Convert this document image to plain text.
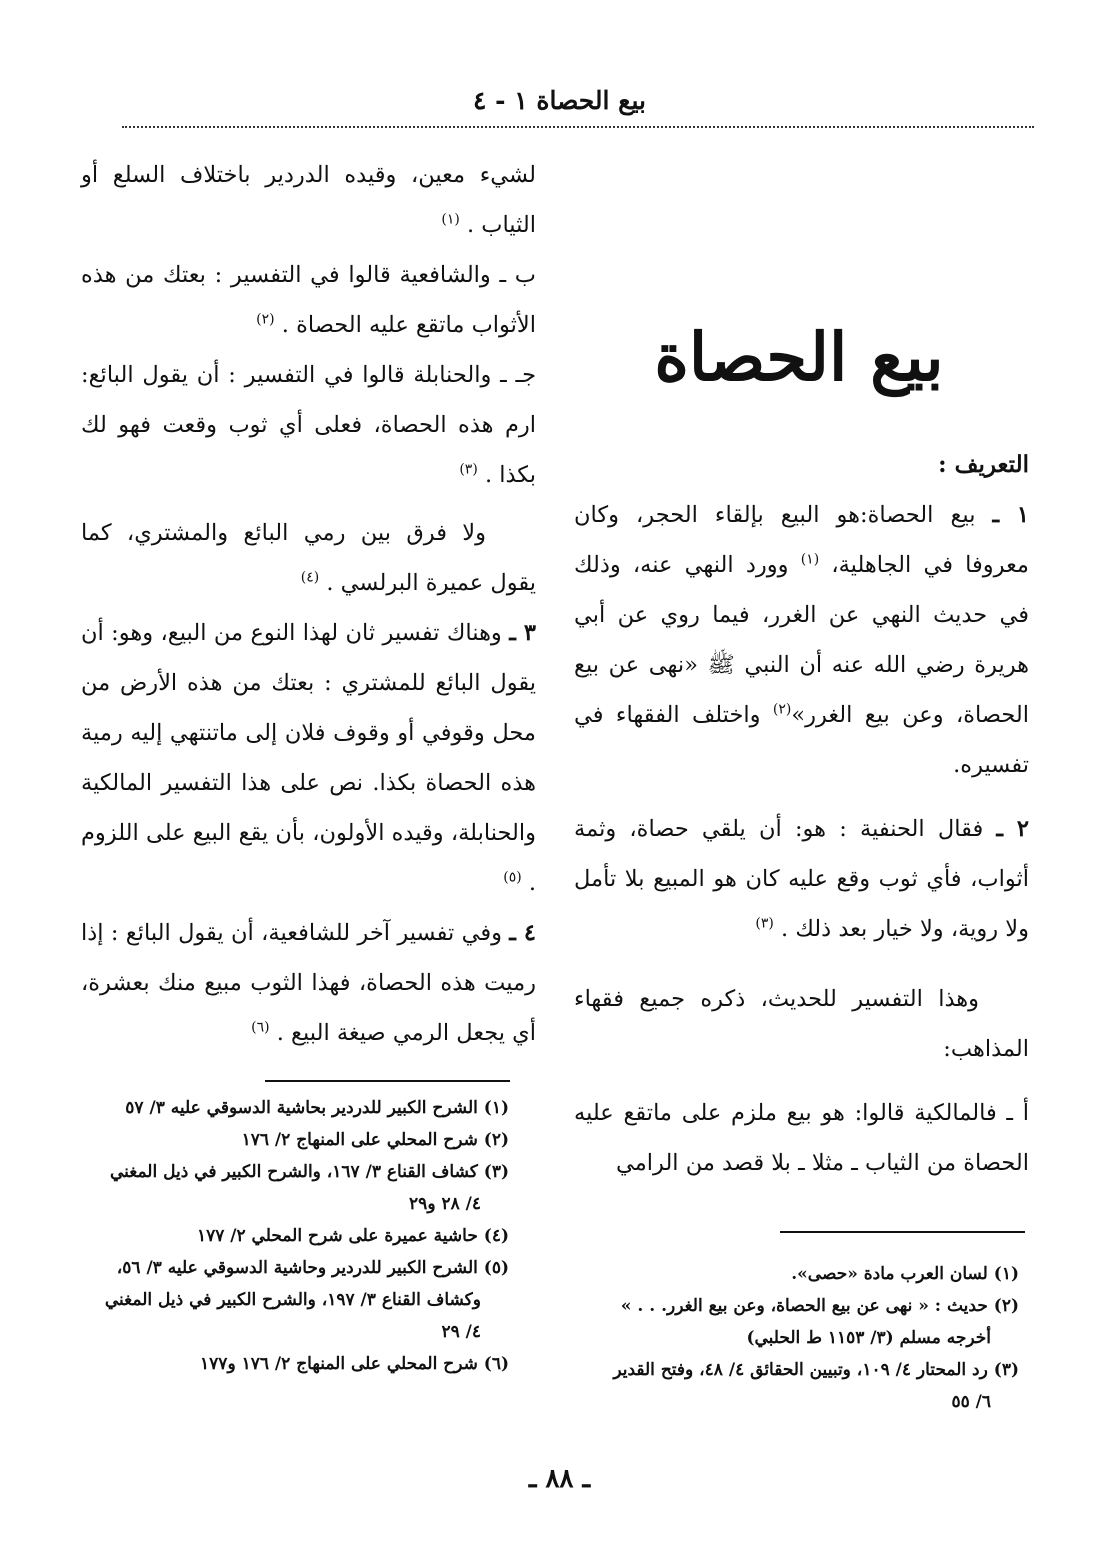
بيع الحصاة ١ - ٤

لشيء معين، وقيده الدردير باختلاف السلع أو الثياب . $^{(١)}$

ب ـ والشافعية قالوا في التفسير : بعتك من هذه الأثواب ماتقع عليه الحصاة . $^{(٢)}$

جـ ـ والحنابلة قالوا في التفسير : أن يقول البائع: ارم هذه الحصاة، فعلى أي ثوب وقعت فهو لك بكذا . $^{(٣)}$

ولا فرق بين رمي البائع والمشتري، كما يقول عميرة البرلسي . $^{(٤)}$

٣ ـ وهناك تفسير ثان لهذا النوع من البيع، وهو: أن يقول البائع للمشتري : بعتك من هذه الأرض من محل وقوفي أو وقوف فلان إلى ماتنتهي إليه رمية هذه الحصاة بكذا. نص على هذا التفسير المالكية والحنابلة، وقيده الأولون، بأن يقع البيع على اللزوم . $^{(٥)}$

٤ ـ وفي تفسير آخر للشافعية، أن يقول البائع : إذا رميت هذه الحصاة، فهذا الثوب مبيع منك بعشرة، أي يجعل الرمي صيغة البيع . $^{(٦)}$

بيع الحصاة

التعريف :

١ ـ بيع الحصاة:هو البيع بإلقاء الحجر، وكان معروفا في الجاهلية، $^{(١)}$ وورد النهي عنه، وذلك في حديث النهي عن الغرر، فيما روي عن أبي هريرة رضي الله عنه أن النبي ﷺ «نهى عن بيع الحصاة، وعن بيع الغرر»$^{(٢)}$ واختلف الفقهاء في تفسيره.

٢ ـ فقال الحنفية : هو: أن يلقي حصاة، وثمة أثواب، فأي ثوب وقع عليه كان هو المبيع بلا تأمل ولا روية، ولا خيار بعد ذلك . $^{(٣)}$

وهذا التفسير للحديث، ذكره جميع فقهاء المذاهب:

أ ـ فالمالكية قالوا: هو بيع ملزم على ماتقع عليه الحصاة من الثياب ـ مثلا ـ بلا قصد من الرامي

(١) الشرح الكبير للدردير بحاشية الدسوقي عليه ٣/ ٥٧

(٢) شرح المحلي على المنهاج ٢/ ١٧٦

(٣) كشاف القناع ٣/ ١٦٧، والشرح الكبير في ذيل المغني

٤/ ٢٨ و٢٩

(٤) حاشية عميرة على شرح المحلي ٢/ ١٧٧

(٥) الشرح الكبير للدردير وحاشية الدسوقي عليه ٣/ ٥٦،

وكشاف القناع ٣/ ١٩٧، والشرح الكبير في ذيل المغني

٤/ ٢٩

(٦) شرح المحلي على المنهاج ٢/ ١٧٦ و١٧٧

(١) لسان العرب مادة «حصى».

(٢) حديث : « نهى عن بيع الحصاة، وعن بيع الغرر. . . »

أخرجه مسلم (٣/ ١١٥٣ ط الحلبي)

(٣) رد المحتار ٤/ ١٠٩، وتبيين الحقائق ٤/ ٤٨، وفتح القدير

٦/ ٥٥

ـ ٨٨ ـ
